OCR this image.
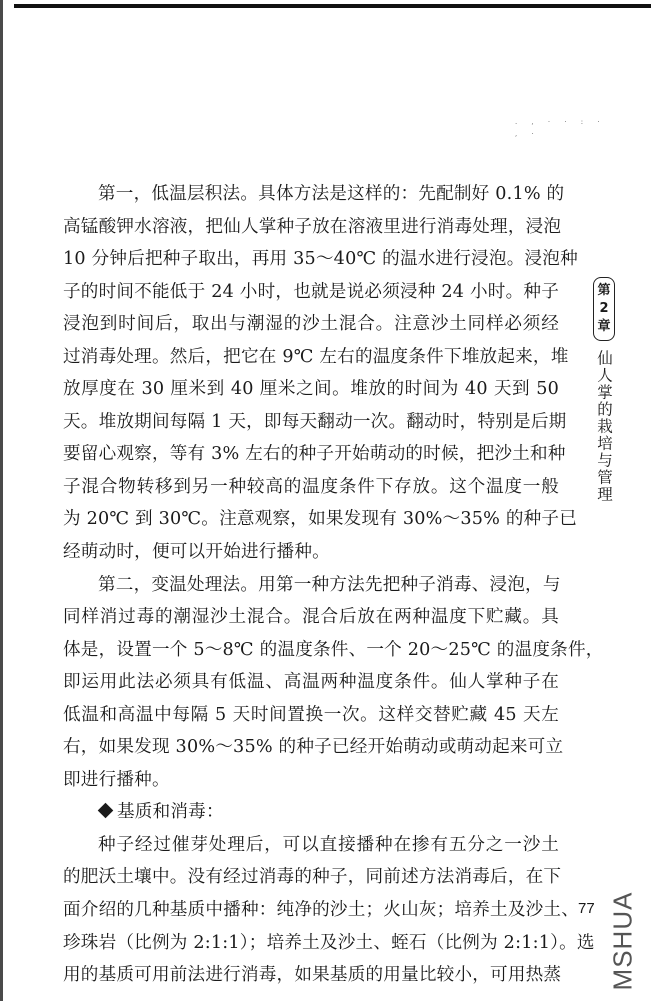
. , · · : · , ·
第一，低温层积法。具体方法是这样的：先配制好 0.1% 的
高锰酸钾水溶液，把仙人掌种子放在溶液里进行消毒处理，浸泡
10 分钟后把种子取出，再用 35～40℃ 的温水进行浸泡。浸泡种
子的时间不能低于 24 小时，也就是说必须浸种 24 小时。种子
浸泡到时间后，取出与潮湿的沙土混合。注意沙土同样必须经
过消毒处理。然后，把它在 9℃ 左右的温度条件下堆放起来，堆
放厚度在 30 厘米到 40 厘米之间。堆放的时间为 40 天到 50
天。堆放期间每隔 1 天，即每天翻动一次。翻动时，特别是后期
要留心观察，等有 3% 左右的种子开始萌动的时候，把沙土和种
子混合物转移到另一种较高的温度条件下存放。这个温度一般
为 20℃ 到 30℃。注意观察，如果发现有 30%～35% 的种子已
经萌动时，便可以开始进行播种。
第二，变温处理法。用第一种方法先把种子消毒、浸泡，与
同样消过毒的潮湿沙土混合。混合后放在两种温度下贮藏。具
体是，设置一个 5～8℃ 的温度条件、一个 20～25℃ 的温度条件，
即运用此法必须具有低温、高温两种温度条件。仙人掌种子在
低温和高温中每隔 5 天时间置换一次。这样交替贮藏 45 天左
右，如果发现 30%～35% 的种子已经开始萌动或萌动起来可立
即进行播种。
基质和消毒：
种子经过催芽处理后，可以直接播种在掺有五分之一沙土
的肥沃土壤中。没有经过消毒的种子，同前述方法消毒后，在下
面介绍的几种基质中播种：纯净的沙土；火山灰；培养土及沙土、
珍珠岩（比例为 2:1:1）；培养土及沙土、蛭石（比例为 2:1:1）。选
用的基质可用前法进行消毒，如果基质的用量比较小，可用热蒸
第
2
章
仙人掌的栽培与管理
77 MSHUA
